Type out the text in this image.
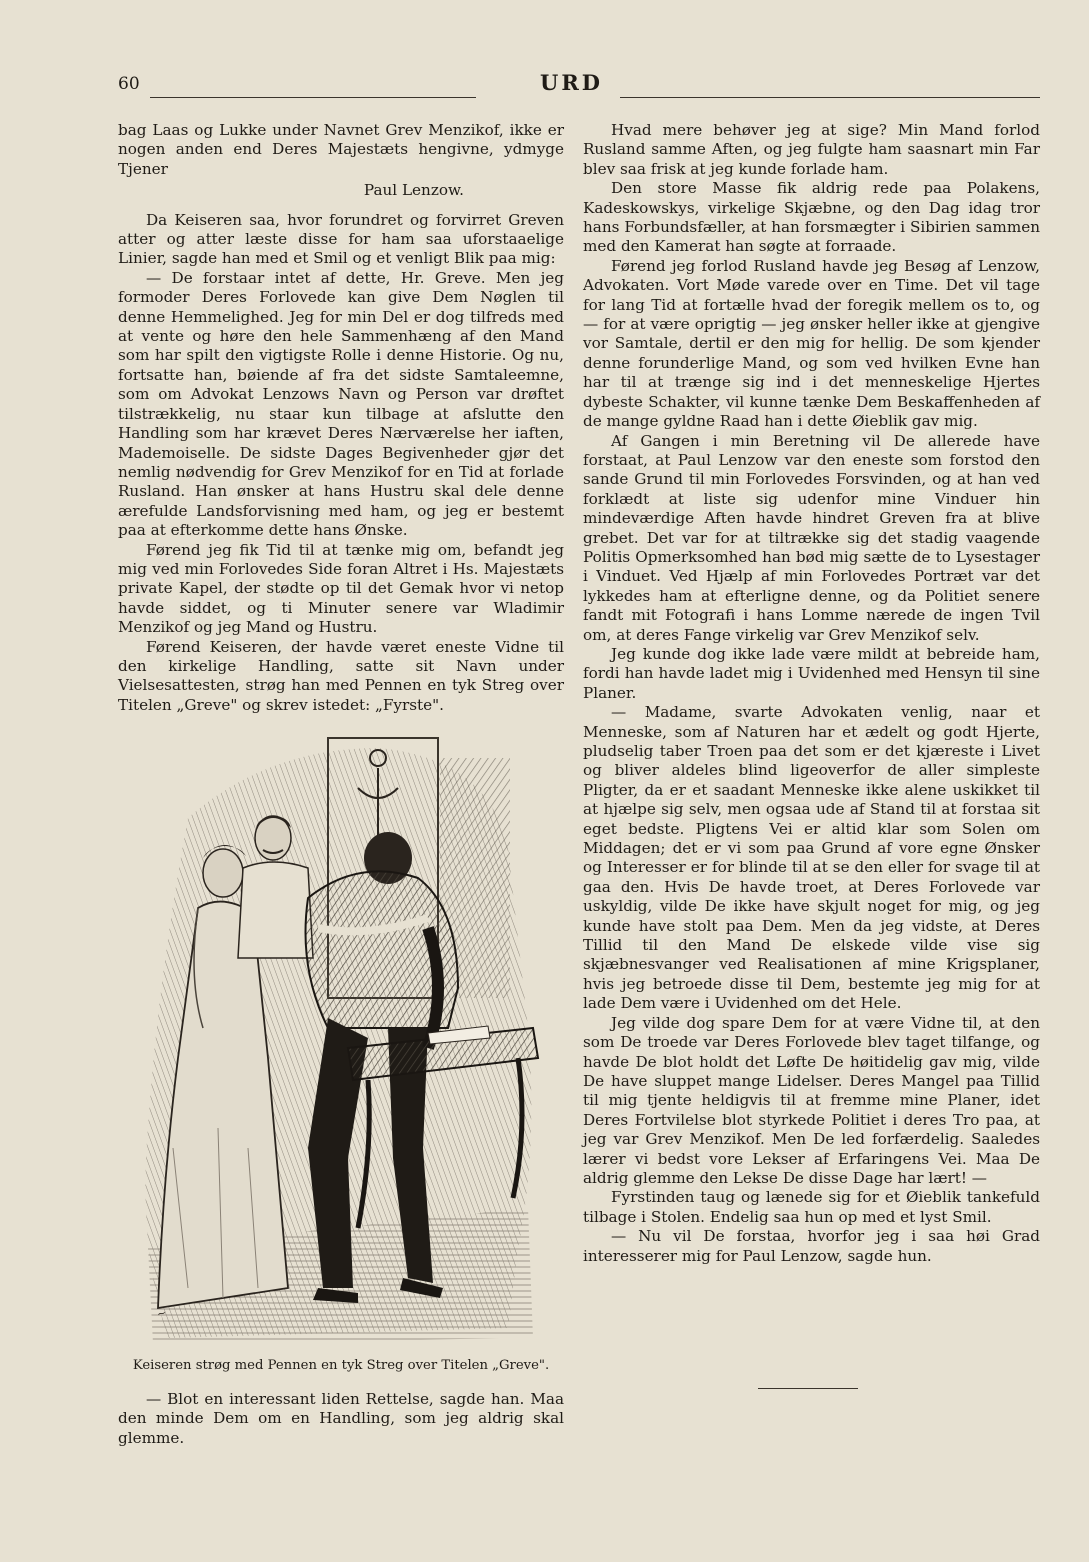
60	URD

bag Laas og Lukke under Navnet Grev Menzikof, ikke er nogen anden end Deres Majestæts hengivne, ydmyge Tjener

Paul Lenzow.

Da Keiseren saa, hvor forundret og forvirret Greven atter og atter læste disse for ham saa uforstaaelige Linier, sagde han med et Smil og et venligt Blik paa mig:

— De forstaar intet af dette, Hr. Greve. Men jeg formoder Deres Forlovede kan give Dem Nøglen til denne Hemmelighed. Jeg for min Del er dog tilfreds med at vente og høre den hele Sammenhæng af den Mand som har spilt den vigtigste Rolle i denne Historie. Og nu, fortsatte han, bøiende af fra det sidste Samtaleemne, som om Advokat Lenzows Navn og Person var drøftet tilstrækkelig, nu staar kun tilbage at afslutte den Handling som har krævet Deres Nærværelse her iaften, Mademoiselle. De sidste Dages Begivenheder gjør det nemlig nødvendig for Grev Menzikof for en Tid at forlade Rusland. Han ønsker at hans Hustru skal dele denne ærefulde Landsforvisning med ham, og jeg er bestemt paa at efterkomme dette hans Ønske.

Førend jeg fik Tid til at tænke mig om, befandt jeg mig ved min Forlovedes Side foran Altret i Hs. Majestæts private Kapel, der stødte op til det Gemak hvor vi netop havde siddet, og ti Minuter senere var Wladimir Menzikof og jeg Mand og Hustru.

Førend Keiseren, der havde været eneste Vidne til den kirkelige Handling, satte sit Navn under Vielsesattesten, strøg han med Pennen en tyk Streg over Titelen „Greve" og skrev istedet: „Fyrste".

~
Keiseren strøg med Pennen en tyk Streg over Titelen „Greve".

— Blot en interessant liden Rettelse, sagde han. Maa den minde Dem om en Handling, som jeg aldrig skal glemme.

Hvad mere behøver jeg at sige? Min Mand forlod Rusland samme Aften, og jeg fulgte ham saasnart min Far blev saa frisk at jeg kunde forlade ham.

Den store Masse fik aldrig rede paa Polakens, Kadeskowskys, virkelige Skjæbne, og den Dag idag tror hans Forbundsfæller, at han forsmægter i Sibirien sammen med den Kamerat han søgte at forraade.

Førend jeg forlod Rusland havde jeg Besøg af Lenzow, Advokaten. Vort Møde varede over en Time. Det vil tage for lang Tid at fortælle hvad der foregik mellem os to, og — for at være oprigtig — jeg ønsker heller ikke at gjengive vor Samtale, dertil er den mig for hellig. De som kjender denne forunderlige Mand, og som ved hvilken Evne han har til at trænge sig ind i det menneskelige Hjertes dybeste Schakter, vil kunne tænke Dem Beskaffenheden af de mange gyldne Raad han i dette Øieblik gav mig.

Af Gangen i min Beretning vil De allerede have forstaat, at Paul Lenzow var den eneste som forstod den sande Grund til min Forlovedes Forsvinden, og at han ved forklædt at liste sig udenfor mine Vinduer hin mindeværdige Aften havde hindret Greven fra at blive grebet. Det var for at tiltrække sig det stadig vaagende Politis Opmerksomhed han bød mig sætte de to Lysestager i Vinduet. Ved Hjælp af min Forlovedes Portræt var det lykkedes ham at efterligne denne, og da Politiet senere fandt mit Fotografi i hans Lomme nærede de ingen Tvil om, at deres Fange virkelig var Grev Menzikof selv.

Jeg kunde dog ikke lade være mildt at bebreide ham, fordi han havde ladet mig i Uvidenhed med Hensyn til sine Planer.

— Madame, svarte Advokaten venlig, naar et Menneske, som af Naturen har et ædelt og godt Hjerte, pludselig taber Troen paa det som er det kjæreste i Livet og bliver aldeles blind ligeoverfor de aller simpleste Pligter, da er et saadant Menneske ikke alene uskikket til at hjælpe sig selv, men ogsaa ude af Stand til at forstaa sit eget bedste. Pligtens Vei er altid klar som Solen om Middagen; det er vi som paa Grund af vore egne Ønsker og Interesser er for blinde til at se den eller for svage til at gaa den. Hvis De havde troet, at Deres Forlovede var uskyldig, vilde De ikke have skjult noget for mig, og jeg kunde have stolt paa Dem. Men da jeg vidste, at Deres Tillid til den Mand De elskede vilde vise sig skjæbnesvanger ved Realisationen af mine Krigsplaner, hvis jeg betroede disse til Dem, bestemte jeg mig for at lade Dem være i Uvidenhed om det Hele.

Jeg vilde dog spare Dem for at være Vidne til, at den som De troede var Deres Forlovede blev taget tilfange, og havde De blot holdt det Løfte De høitidelig gav mig, vilde De have sluppet mange Lidelser. Deres Mangel paa Tillid til mig tjente heldigvis til at fremme mine Planer, idet Deres Fortvilelse blot styrkede Politiet i deres Tro paa, at jeg var Grev Menzikof. Men De led forfærdelig. Saaledes lærer vi bedst vore Lekser af Erfaringens Vei. Maa De aldrig glemme den Lekse De disse Dage har lært! —

Fyrstinden taug og lænede sig for et Øieblik tankefuld tilbage i Stolen. Endelig saa hun op med et lyst Smil.

— Nu vil De forstaa, hvorfor jeg i saa høi Grad interesserer mig for Paul Lenzow, sagde hun.
